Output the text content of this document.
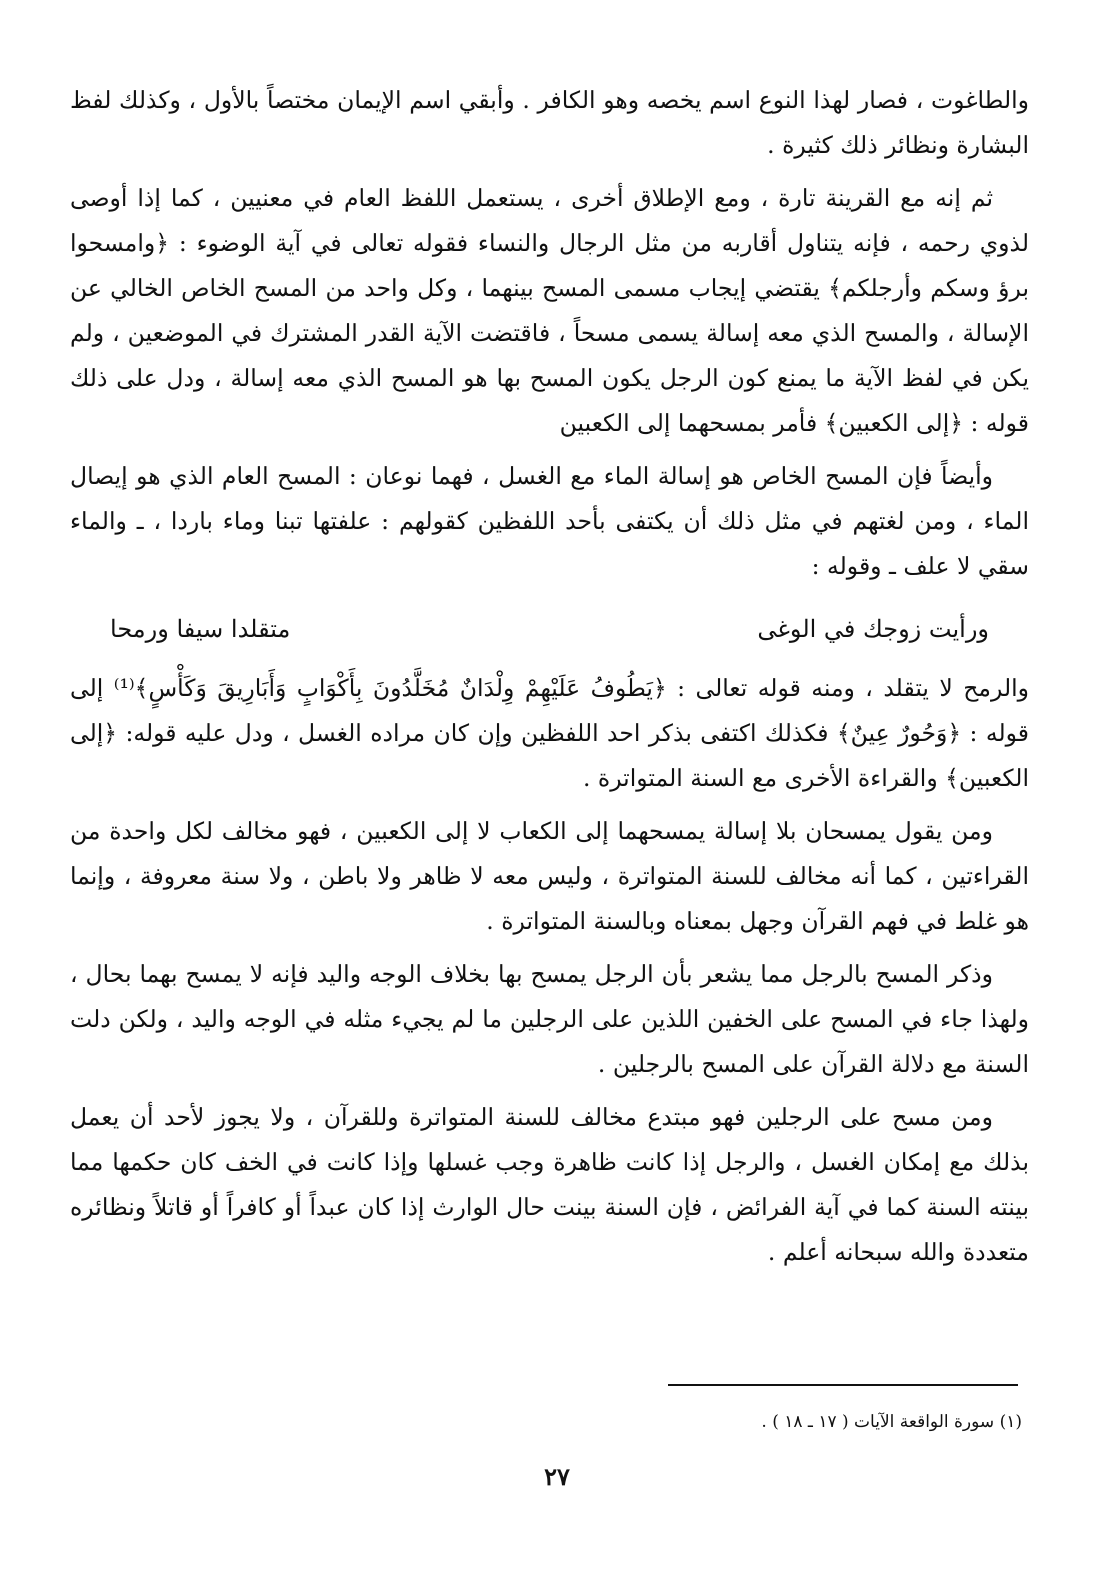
والطاغوت ، فصار لهذا النوع اسم يخصه وهو الكافر . وأبقي اسم الإيمان مختصاً بالأول ، وكذلك لفظ البشارة ونظائر ذلك كثيرة .

ثم إنه مع القرينة تارة ، ومع الإطلاق أخرى ، يستعمل اللفظ العام في معنيين ، كما إذا أوصى لذوي رحمه ، فإنه يتناول أقاربه من مثل الرجال والنساء فقوله تعالى في آية الوضوء : ﴿وامسحوا برؤ وسكم وأرجلكم﴾ يقتضي إيجاب مسمى المسح بينهما ، وكل واحد من المسح الخاص الخالي عن الإسالة ، والمسح الذي معه إسالة يسمى مسحاً ، فاقتضت الآية القدر المشترك في الموضعين ، ولم يكن في لفظ الآية ما يمنع كون الرجل يكون المسح بها هو المسح الذي معه إسالة ، ودل على ذلك قوله : ﴿إلى الكعبين﴾ فأمر بمسحهما إلى الكعبين

وأيضاً فإن المسح الخاص هو إسالة الماء مع الغسل ، فهما نوعان : المسح العام الذي هو إيصال الماء ، ومن لغتهم في مثل ذلك أن يكتفى بأحد اللفظين كقولهم : علفتها تبنا وماء باردا ، ـ والماء سقي لا علف ـ وقوله :

ورأيت زوجك في الوغى
متقلدا سيفا ورمحا

والرمح لا يتقلد ، ومنه قوله تعالى : ﴿يَطُوفُ عَلَيْهِمْ وِلْدَانٌ مُخَلَّدُونَ بِأَكْوَابٍ وَأَبَارِيقَ وَكَأْسٍ﴾⁽¹⁾ إلى قوله : ﴿وَحُورٌ عِينٌ﴾ فكذلك اكتفى بذكر احد اللفظين وإن كان مراده الغسل ، ودل عليه قوله: ﴿إلى الكعبين﴾ والقراءة الأخرى مع السنة المتواترة .

ومن يقول يمسحان بلا إسالة يمسحهما إلى الكعاب لا إلى الكعبين ، فهو مخالف لكل واحدة من القراءتين ، كما أنه مخالف للسنة المتواترة ، وليس معه لا ظاهر ولا باطن ، ولا سنة معروفة ، وإنما هو غلط في فهم القرآن وجهل بمعناه وبالسنة المتواترة .

وذكر المسح بالرجل مما يشعر بأن الرجل يمسح بها بخلاف الوجه واليد فإنه لا يمسح بهما بحال ، ولهذا جاء في المسح على الخفين اللذين على الرجلين ما لم يجيء مثله في الوجه واليد ، ولكن دلت السنة مع دلالة القرآن على المسح بالرجلين .

ومن مسح على الرجلين فهو مبتدع مخالف للسنة المتواترة وللقرآن ، ولا يجوز لأحد أن يعمل بذلك مع إمكان الغسل ، والرجل إذا كانت ظاهرة وجب غسلها وإذا كانت في الخف كان حكمها مما بينته السنة كما في آية الفرائض ، فإن السنة بينت حال الوارث إذا كان عبداً أو كافراً أو قاتلاً ونظائره متعددة والله سبحانه أعلم .

(١) سورة الواقعة الآيات ( ١٧ ـ ١٨ ) .
٢٧
